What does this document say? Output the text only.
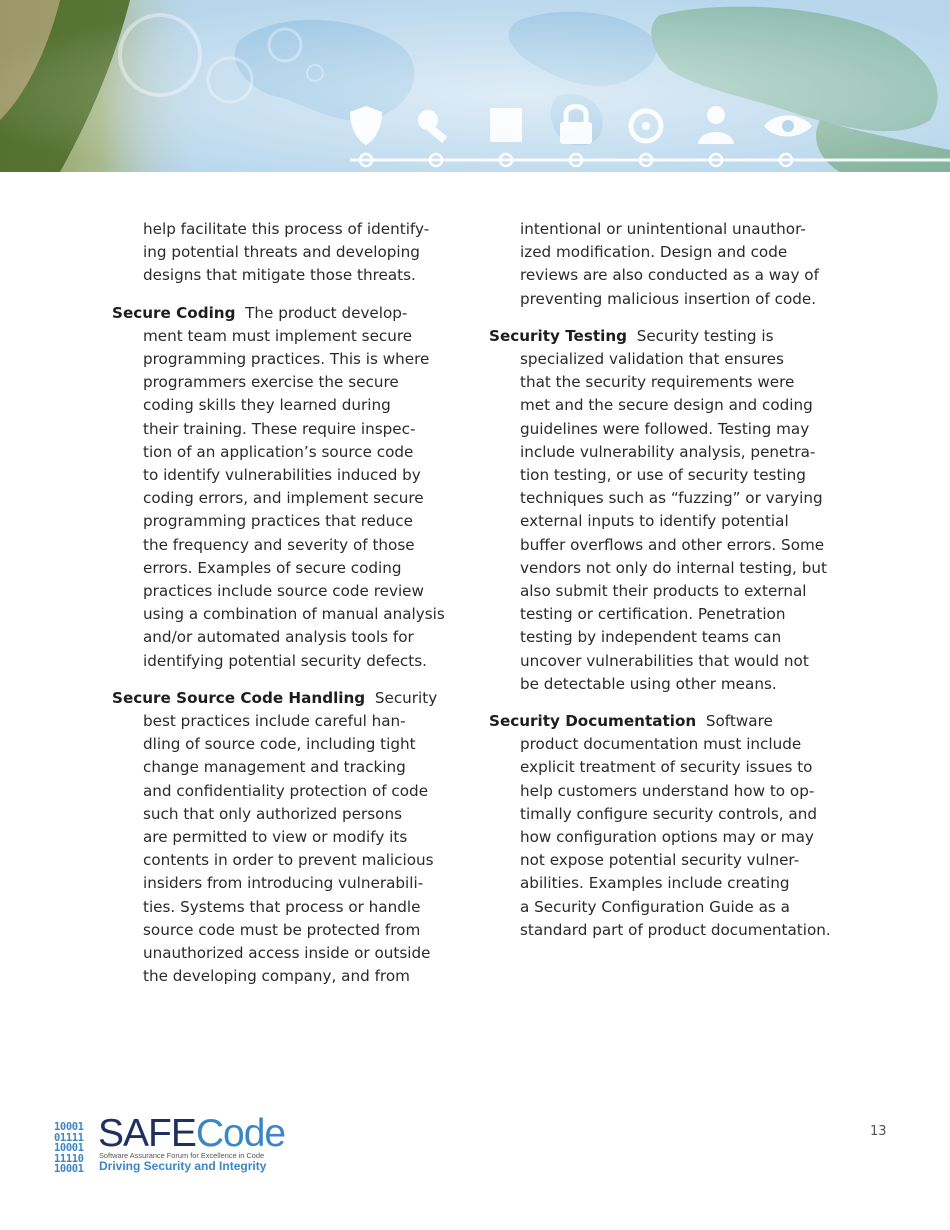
help facilitate this process of identify-
ing potential threats and developing
designs that mitigate those threats.
Secure Coding The product develop-
ment team must implement secure
programming practices. This is where
programmers exercise the secure
coding skills they learned during
their training. These require inspec-
tion of an application’s source code
to identify vulnerabilities induced by
coding errors, and implement secure
programming practices that reduce
the frequency and severity of those
errors. Examples of secure coding
practices include source code review
using a combination of manual analysis
and/or automated analysis tools for
identifying potential security defects.
Secure Source Code Handling Security
best practices include careful han-
dling of source code, including tight
change management and tracking
and confidentiality protection of code
such that only authorized persons
are permitted to view or modify its
contents in order to prevent malicious
insiders from introducing vulnerabili-
ties. Systems that process or handle
source code must be protected from
unauthorized access inside or outside
the developing company, and from
intentional or unintentional unauthor-
ized modification. Design and code
reviews are also conducted as a way of
preventing malicious insertion of code.
Security Testing Security testing is
specialized validation that ensures
that the security requirements were
met and the secure design and coding
guidelines were followed. Testing may
include vulnerability analysis, penetra-
tion testing, or use of security testing
techniques such as “fuzzing” or varying
external inputs to identify potential
buffer overflows and other errors. Some
vendors not only do internal testing, but
also submit their products to external
testing or certification. Penetration
testing by independent teams can
uncover vulnerabilities that would not
be detectable using other means.
Security Documentation Software
product documentation must include
explicit treatment of security issues to
help customers understand how to op-
timally configure security controls, and
how configuration options may or may
not expose potential security vulner-
abilities. Examples include creating
a Security Configuration Guide as a
standard part of product documentation.
10001
01111
10001
11110
10001
SAFECode
Software Assurance Forum for Excellence in Code
Driving Security and Integrity
13
